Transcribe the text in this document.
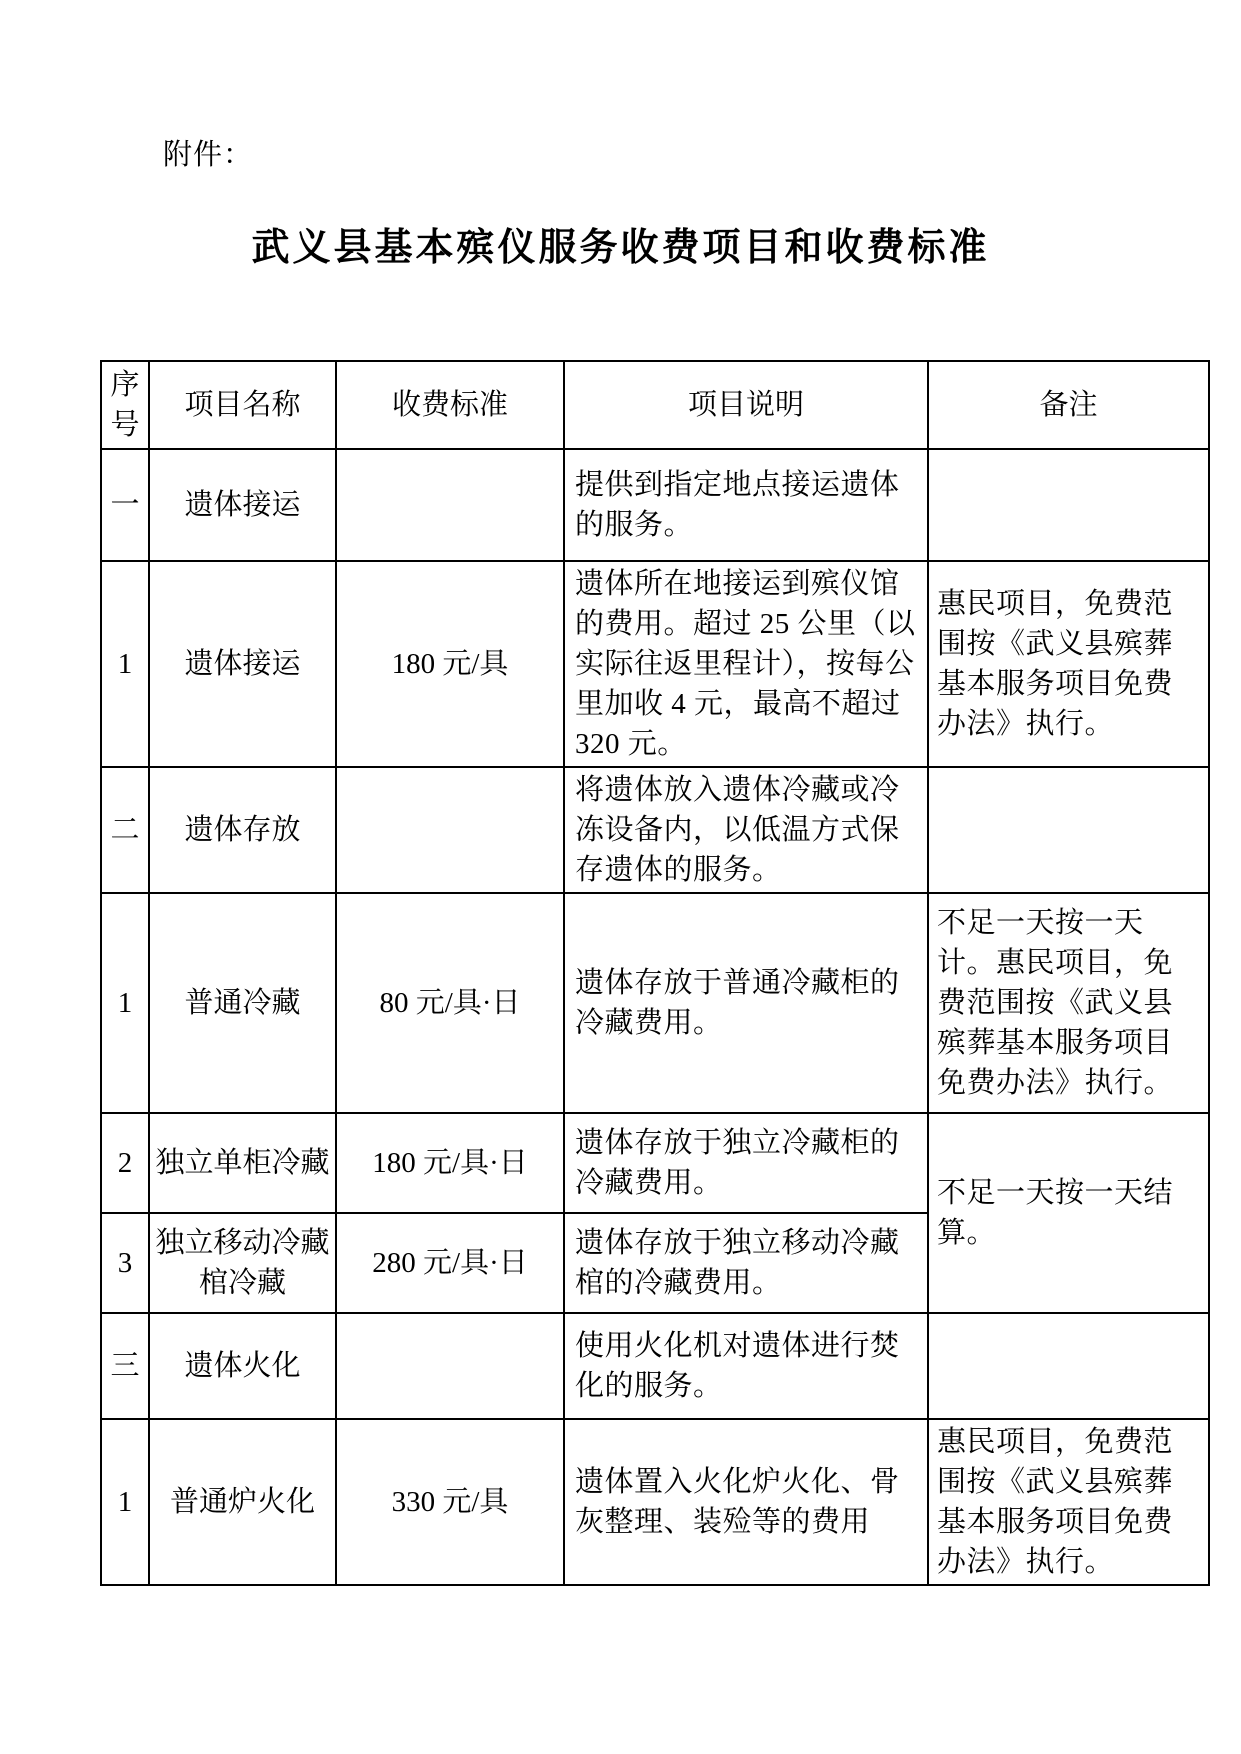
附件：
武义县基本殡仪服务收费项目和收费标准
序号	项目名称	收费标准	项目说明	备注
一	遗体接运		提供到指定地点接运遗体的服务。	
1	遗体接运	180 元/具	遗体所在地接运到殡仪馆的费用。超过 25 公里（以实际往返里程计），按每公里加收 4 元，最高不超过 320 元。	惠民项目，免费范围按《武义县殡葬基本服务项目免费办法》执行。
二	遗体存放		将遗体放入遗体冷藏或冷冻设备内，以低温方式保存遗体的服务。	
1	普通冷藏	80 元/具·日	遗体存放于普通冷藏柜的冷藏费用。	不足一天按一天计。惠民项目，免费范围按《武义县殡葬基本服务项目免费办法》执行。
2	独立单柜冷藏	180 元/具·日	遗体存放于独立冷藏柜的冷藏费用。	不足一天按一天结算。
3	独立移动冷藏棺冷藏	280 元/具·日	遗体存放于独立移动冷藏棺的冷藏费用。	
三	遗体火化		使用火化机对遗体进行焚化的服务。	
1	普通炉火化	330 元/具	遗体置入火化炉火化、骨灰整理、装殓等的费用	惠民项目，免费范围按《武义县殡葬基本服务项目免费办法》执行。
